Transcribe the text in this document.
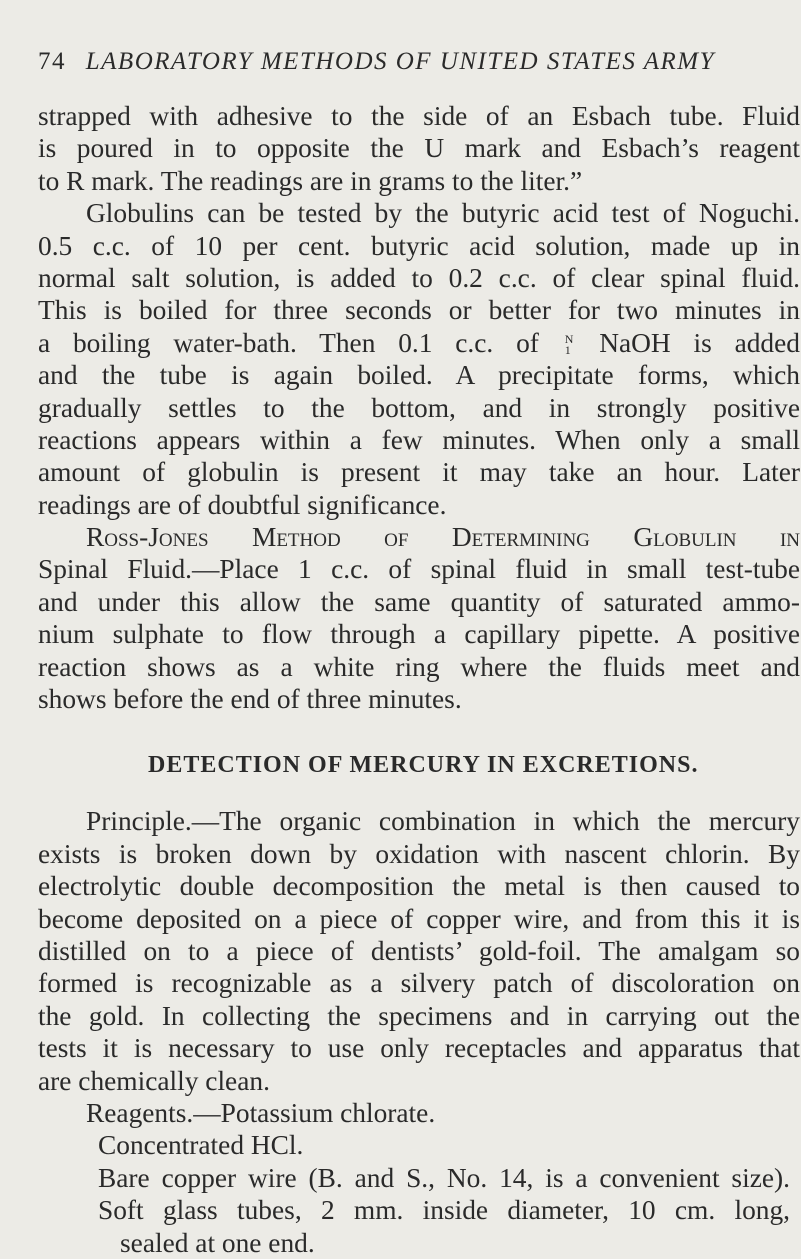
74 LABORATORY METHODS OF UNITED STATES ARMY
strapped with adhesive to the side of an Esbach tube. Fluid
is poured in to opposite the U mark and Esbach’s reagent
to R mark. The readings are in grams to the liter.”
Globulins can be tested by the butyric acid test of Noguchi.
0.5 c.c. of 10 per cent. butyric acid solution, made up in
normal salt solution, is added to 0.2 c.c. of clear spinal fluid.
This is boiled for three seconds or better for two minutes in
a boiling water-bath. Then 0.1 c.c. of N
1 NaOH is added
and the tube is again boiled. A precipitate forms, which
gradually settles to the bottom, and in strongly positive
reactions appears within a few minutes. When only a small
amount of globulin is present it may take an hour. Later
readings are of doubtful significance.
Ross-Jones Method of Determining Globulin in
Spinal Fluid.—Place 1 c.c. of spinal fluid in small test-tube
and under this allow the same quantity of saturated ammo-
nium sulphate to flow through a capillary pipette. A positive
reaction shows as a white ring where the fluids meet and
shows before the end of three minutes.
DETECTION OF MERCURY IN EXCRETIONS.
Principle.—The organic combination in which the mercury
exists is broken down by oxidation with nascent chlorin. By
electrolytic double decomposition the metal is then caused to
become deposited on a piece of copper wire, and from this it is
distilled on to a piece of dentists’ gold-foil. The amalgam so
formed is recognizable as a silvery patch of discoloration on
the gold. In collecting the specimens and in carrying out the
tests it is necessary to use only receptacles and apparatus that
are chemically clean.
Reagents.—Potassium chlorate.
Concentrated HCl.
Bare copper wire (B. and S., No. 14, is a convenient size).
Soft glass tubes, 2 mm. inside diameter, 10 cm. long,
sealed at one end.
